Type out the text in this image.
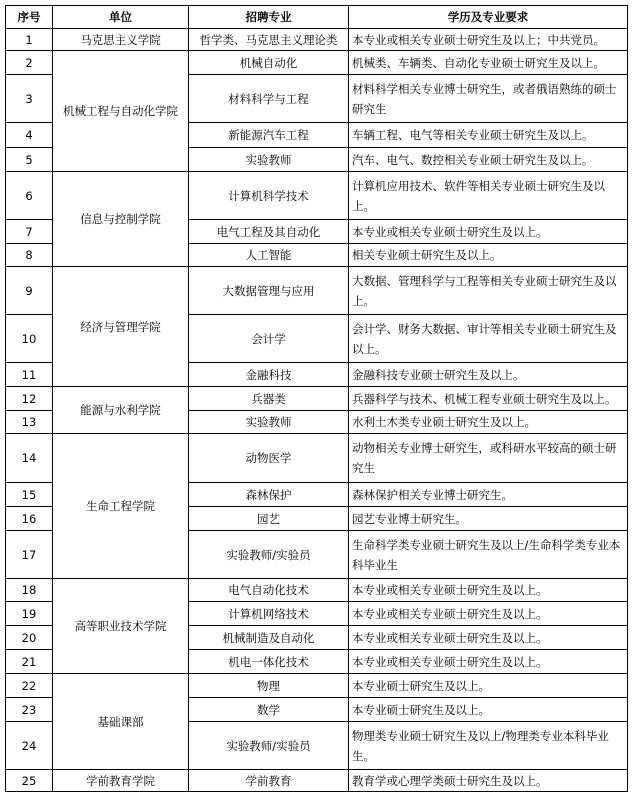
序号	单位	招聘专业	学历及专业要求
1	马克思主义学院	哲学类、马克思主义理论类	本专业或相关专业硕士研究生及以上；中共党员。
2	机械工程与自动化学院	机械自动化	机械类、车辆类、自动化专业硕士研究生及以上。
3		材料科学与工程	材料科学相关专业博士研究生，或者俄语熟练的硕士研究生
4		新能源汽车工程	车辆工程、电气等相关专业硕士研究生及以上。
5		实验教师	汽车、电气、数控相关专业硕士研究生及以上。
6	信息与控制学院	计算机科学技术	计算机应用技术、软件等相关专业硕士研究生及以上。
7		电气工程及其自动化	本专业或相关专业硕士研究生及以上。
8		人工智能	相关专业硕士研究生及以上。
9	经济与管理学院	大数据管理与应用	大数据、管理科学与工程等相关专业硕士研究生及以上。
10		会计学	会计学、财务大数据、审计等相关专业硕士研究生及以上。
11		金融科技	金融科技专业硕士研究生及以上。
12	能源与水利学院	兵器类	兵器科学与技术、机械工程专业硕士研究生及以上。
13		实验教师	水利土木类专业硕士研究生及以上。
14	生命工程学院	动物医学	动物相关专业博士研究生，或科研水平较高的硕士研究生
15		森林保护	森林保护相关专业博士研究生。
16		园艺	园艺专业博士研究生。
17		实验教师/实验员	生命科学类专业硕士研究生及以上/生命科学类专业本科毕业生
18	高等职业技术学院	电气自动化技术	本专业或相关专业硕士研究生及以上。
19		计算机网络技术	本专业或相关专业硕士研究生及以上。
20		机械制造及自动化	本专业或相关专业硕士研究生及以上。
21		机电一体化技术	本专业或相关专业硕士研究生及以上。
22	基础课部	物理	本专业硕士研究生及以上。
23		数学	本专业硕士研究生及以上。
24		实验教师/实验员	物理类专业硕士研究生及以上/物理类专业本科毕业生。
25	学前教育学院	学前教育	教育学或心理学类硕士研究生及以上。
